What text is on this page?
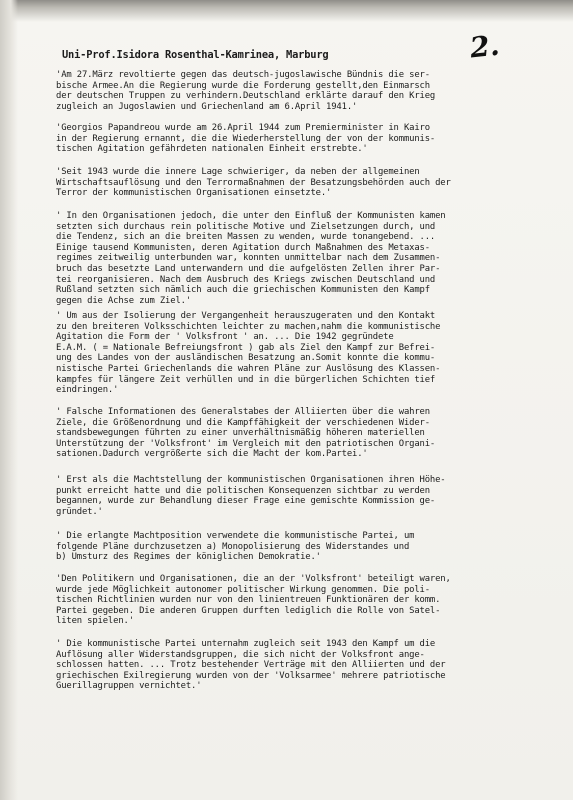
Uni-Prof.Isidora Rosenthal-Kamrinea, Marburg	2.
'Am 27.März revoltierte gegen das deutsch-jugoslawische Bündnis die ser-
bische Armee.An die Regierung wurde die Forderung gestellt,den Einmarsch
der deutschen Truppen zu verhindern.Deutschland erklärte darauf den Krieg
zugleich an Jugoslawien und Griechenland am 6.April 1941.'
'Georgios Papandreou wurde am 26.April 1944 zum Premierminister in Kairo
in der Regierung ernannt, die die Wiederherstellung der von der kommunis-
tischen Agitation gefährdeten nationalen Einheit erstrebte.'
'Seit 1943 wurde die innere Lage schwieriger, da neben der allgemeinen
Wirtschaftsauflösung und den Terrormaßnahmen der Besatzungsbehörden auch der
Terror der kommunistischen Organisationen einsetzte.'
' In den Organisationen jedoch, die unter den Einfluß der Kommunisten kamen
setzten sich durchaus rein politische Motive und Zielsetzungen durch, und
die Tendenz, sich an die breiten Massen zu wenden, wurde tonangebend. ...
Einige tausend Kommunisten, deren Agitation durch Maßnahmen des Metaxas-
regimes zeitweilig unterbunden war, konnten unmittelbar nach dem Zusammen-
bruch das besetzte Land unterwandern und die aufgelösten Zellen ihrer Par-
tei reorganisieren. Nach dem Ausbruch des Kriegs zwischen Deutschland und
Rußland setzten sich nämlich auch die griechischen Kommunisten den Kampf
gegen die Achse zum Ziel.'
' Um aus der Isolierung der Vergangenheit herauszugeraten und den Kontakt
zu den breiteren Volksschichten leichter zu machen,nahm die kommunistische
Agitation die Form der ' Volksfront ' an. ... Die 1942 gegründete
E.A.M. ( = Nationale Befreiungsfront ) gab als Ziel den Kampf zur Befrei-
ung des Landes von der ausländischen Besatzung an.Somit konnte die kommu-
nistische Partei Griechenlands die wahren Pläne zur Auslösung des Klassen-
kampfes für längere Zeit verhüllen und in die bürgerlichen Schichten tief
eindringen.'
' Falsche Informationen des Generalstabes der Alliierten über die wahren
Ziele, die Größenordnung und die Kampffähigkeit der verschiedenen Wider-
standsbewegungen führten zu einer unverhältnismäßig höheren materiellen
Unterstützung der 'Volksfront' im Vergleich mit den patriotischen Organi-
sationen.Dadurch vergrößerte sich die Macht der kom.Partei.'
' Erst als die Machtstellung der kommunistischen Organisationen ihren Höhe-
punkt erreicht hatte und die politischen Konsequenzen sichtbar zu werden
begannen, wurde zur Behandlung dieser Frage eine gemischte Kommission ge-
gründet.'
' Die erlangte Machtposition verwendete die kommunistische Partei, um
folgende Pläne durchzusetzen a) Monopolisierung des Widerstandes und
b) Umsturz des Regimes der königlichen Demokratie.'
'Den Politikern und Organisationen, die an der 'Volksfront' beteiligt waren,
wurde jede Möglichkeit autonomer politischer Wirkung genommen. Die poli-
tischen Richtlinien wurden nur von den linientreuen Funktionären der komm.
Partei gegeben. Die anderen Gruppen durften lediglich die Rolle von Satel-
liten spielen.'
' Die kommunistische Partei unternahm zugleich seit 1943 den Kampf um die
Auflösung aller Widerstandsgruppen, die sich nicht der Volksfront ange-
schlossen hatten. ... Trotz bestehender Verträge mit den Alliierten und der
griechischen Exilregierung wurden von der 'Volksarmee' mehrere patriotische
Guerillagruppen vernichtet.'
